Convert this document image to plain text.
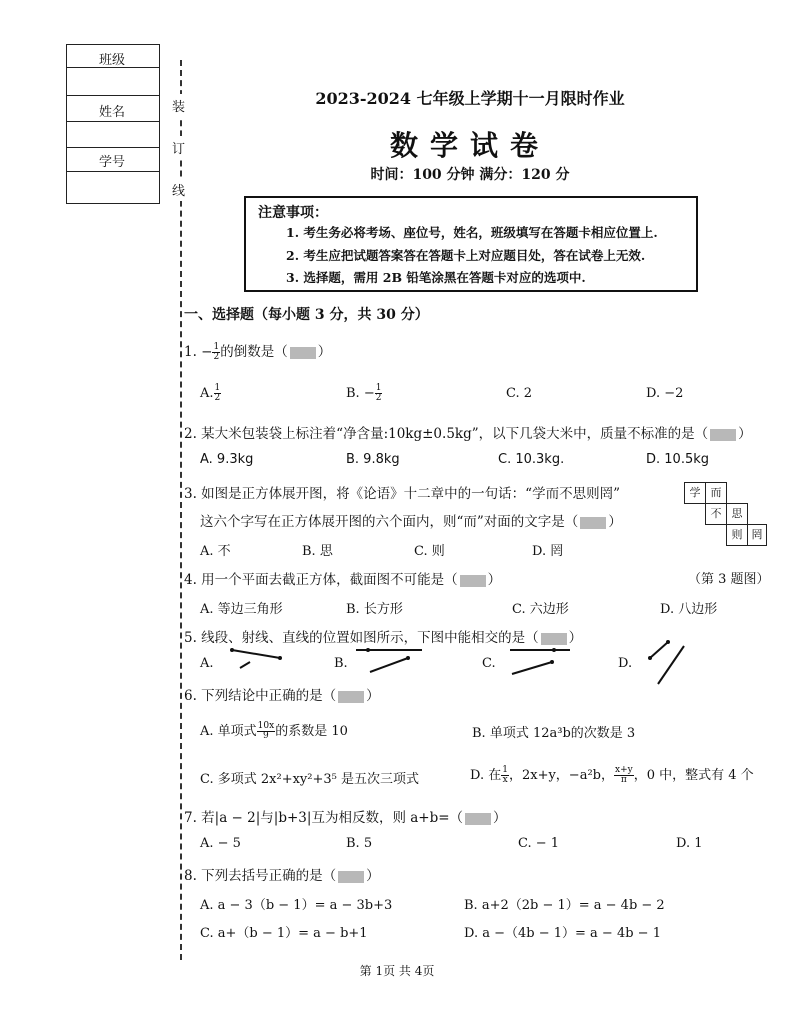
班级
姓名
学号
装
订
线
2023-2024 七年级上学期十一月限时作业
数学试卷
时间：100 分钟 满分：120 分
注意事项：
1. 考生务必将考场、座位号，姓名，班级填写在答题卡相应位置上.
2. 考生应把试题答案答在答题卡上对应题目处，答在试卷上无效.
3. 选择题，需用 2B 铅笔涂黑在答题卡对应的选项中.
一、选择题（每小题 3 分，共 30 分）
1. − $\frac{1}{2}$ 的倒数是（ ）
A. $\frac{1}{2}$	B. − $\frac{1}{2}$	C. 2	D. −2
2. 某大米包装袋上标注着“净含量:10kg±0.5kg”，以下几袋大米中，质量不标准的是（ ）
A. 9.3kg	B. 9.8kg	C. 10.3kg.	D. 10.5kg
3. 如图是正方体展开图，将《论语》十二章中的一句话：“学而不思则罔”
这六个字写在正方体展开图的六个面内，则“而”对面的文字是（ ）
A. 不	B. 思	C. 则	D. 罔
学 而
不 思
则 罔
4. 用一个平面去截正方体，截面图不可能是（ ）	（第 3 题图）
A. 等边三角形	B. 长方形	C. 六边形	D. 八边形
5. 线段、射线、直线的位置如图所示，下图中能相交的是（ ）
A.	B.	C.	D.
6. 下列结论中正确的是（ ）
A. 单项式 $\frac{10x}{9}$ 的系数是 10	B. 单项式 12a³b的次数是 3
C. 多项式 2x²+xy²+3⁵ 是五次三项式	D. 在 $\frac{1}{x}$ ，2x+y，−a²b， $\frac{x+y}{\pi}$ ，0 中，整式有 4 个
7. 若|a − 2|与|b+3|互为相反数，则 a+b=（ ）
A. − 5	B. 5	C. − 1	D. 1
8. 下列去括号正确的是（ ）
A. a − 3（b − 1）= a − 3b+3	B. a+2（2b − 1）= a − 4b − 2
C. a+（b − 1）= a − b+1	D. a −（4b − 1）= a − 4b − 1
第 1页 共 4页
